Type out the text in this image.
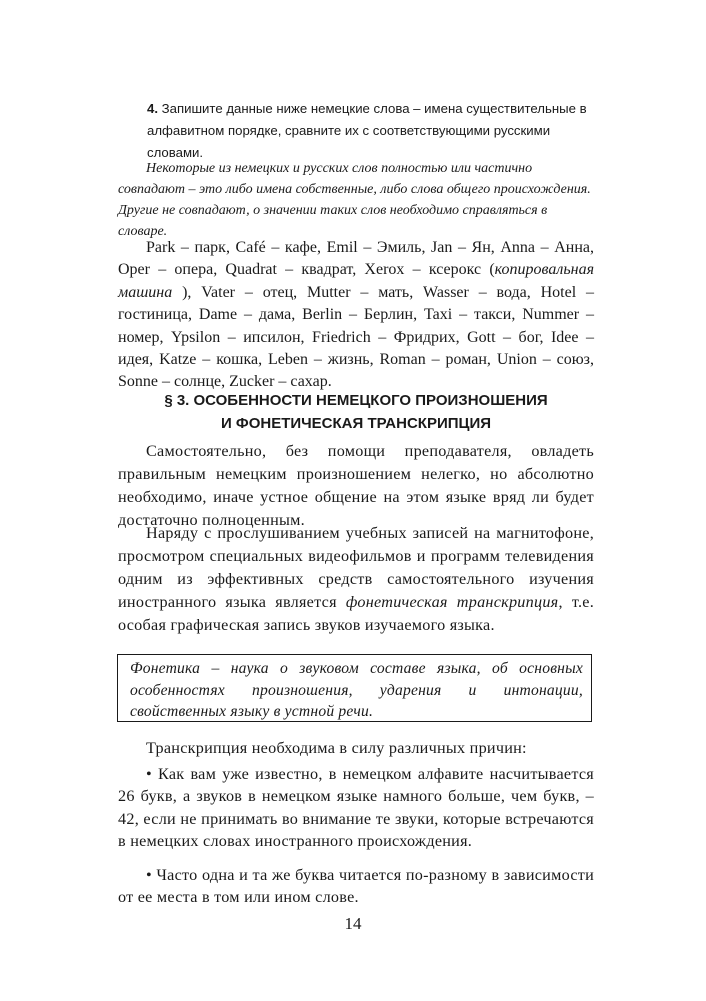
4. Запишите данные ниже немецкие слова – имена существительные в алфавитном порядке, сравните их с соответствующими русскими словами.

Некоторые из немецких и русских слов полностью или частично совпадают – это либо имена собственные, либо слова общего происхождения. Другие не совпадают, о значении таких слов необходимо справляться в словаре.

Park – парк, Café – кафе, Emil – Эмиль, Jan – Ян, Anna – Анна, Oper – опера, Quadrat – квадрат, Xerox – ксерокс (копировальная машина ), Vater – отец, Mutter – мать, Wasser – вода, Hotel – гостиница, Dame – дама, Berlin – Берлин, Taxi – такси, Nummer – номер, Ypsilon – ипсилон, Friedrich – Фридрих, Gott – бог, Idee – идея, Katze – кошка, Leben – жизнь, Roman – роман, Union – союз, Sonne – солнце, Zucker – сахар.

§ 3. ОСОБЕННОСТИ НЕМЕЦКОГО ПРОИЗНОШЕНИЯ
И ФОНЕТИЧЕСКАЯ ТРАНСКРИПЦИЯ

Самостоятельно, без помощи преподавателя, овладеть правильным немецким произношением нелегко, но абсолютно необходимо, иначе устное общение на этом языке вряд ли будет достаточно полноценным.

Наряду с прослушиванием учебных записей на магнитофоне, просмотром специальных видеофильмов и программ телевидения одним из эффективных средств самостоятельного изучения иностранного языка является фонетическая транскрипция, т.е. особая графическая запись звуков изучаемого языка.

Фонетика – наука о звуковом составе языка, об основных особенностях произношения, ударения и интонации, свойственных языку в устной речи.

Транскрипция необходима в силу различных причин:

• Как вам уже известно, в немецком алфавите насчитывается 26 букв, а звуков в немецком языке намного больше, чем букв, – 42, если не принимать во внимание те звуки, которые встречаются в немецких словах иностранного происхождения.

• Часто одна и та же буква читается по-разному в зависимости от ее места в том или ином слове.

14
